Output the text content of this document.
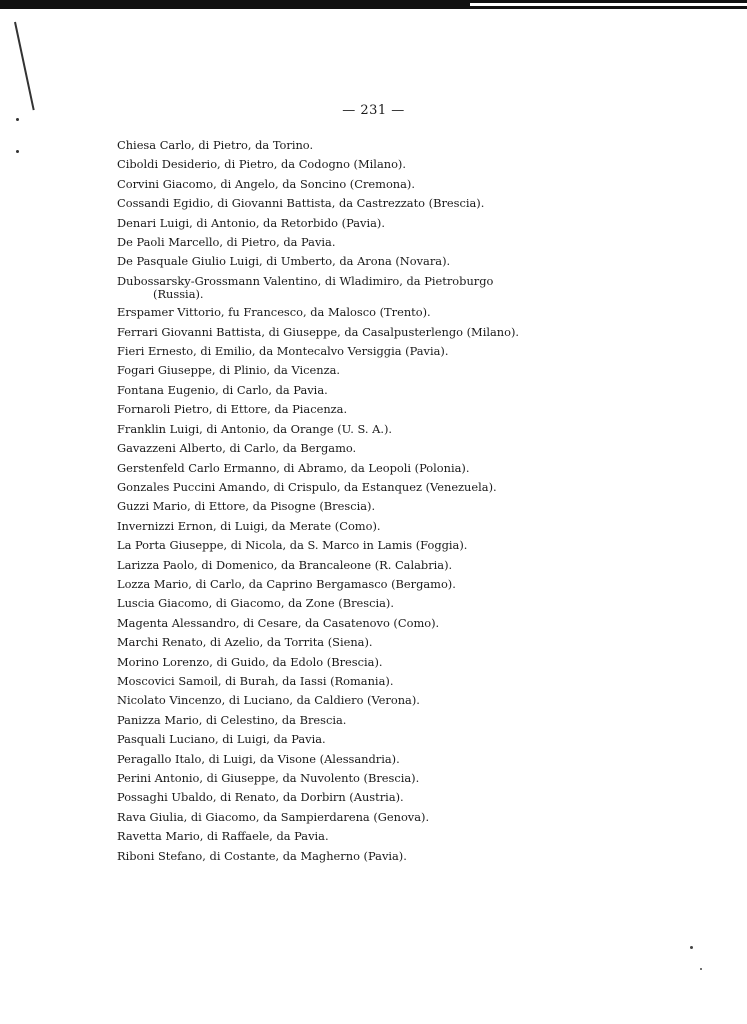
— 231 —
Chiesa Carlo, di Pietro, da Torino.
Ciboldi Desiderio, di Pietro, da Codogno (Milano).
Corvini Giacomo, di Angelo, da Soncino (Cremona).
Cossandi Egidio, di Giovanni Battista, da Castrezzato (Brescia).
Denari Luigi, di Antonio, da Retorbido (Pavia).
De Paoli Marcello, di Pietro, da Pavia.
De Pasquale Giulio Luigi, di Umberto, da Arona (Novara).
Dubossarsky-Grossmann Valentino, di Wladimiro, da Pietroburgo
(Russia).
Erspamer Vittorio, fu Francesco, da Malosco (Trento).
Ferrari Giovanni Battista, di Giuseppe, da Casalpusterlengo (Milano).
Fieri Ernesto, di Emilio, da Montecalvo Versiggia (Pavia).
Fogari Giuseppe, di Plinio, da Vicenza.
Fontana Eugenio, di Carlo, da Pavia.
Fornaroli Pietro, di Ettore, da Piacenza.
Franklin Luigi, di Antonio, da Orange (U. S. A.).
Gavazzeni Alberto, di Carlo, da Bergamo.
Gerstenfeld Carlo Ermanno, di Abramo, da Leopoli (Polonia).
Gonzales Puccini Amando, di Crispulo, da Estanquez (Venezuela).
Guzzi Mario, di Ettore, da Pisogne (Brescia).
Invernizzi Ernon, di Luigi, da Merate (Como).
La Porta Giuseppe, di Nicola, da S. Marco in Lamis (Foggia).
Larizza Paolo, di Domenico, da Brancaleone (R. Calabria).
Lozza Mario, di Carlo, da Caprino Bergamasco (Bergamo).
Luscia Giacomo, di Giacomo, da Zone (Brescia).
Magenta Alessandro, di Cesare, da Casatenovo (Como).
Marchi Renato, di Azelio, da Torrita (Siena).
Morino Lorenzo, di Guido, da Edolo (Brescia).
Moscovici Samoil, di Burah, da Iassi (Romania).
Nicolato Vincenzo, di Luciano, da Caldiero (Verona).
Panizza Mario, di Celestino, da Brescia.
Pasquali Luciano, di Luigi, da Pavia.
Peragallo Italo, di Luigi, da Visone (Alessandria).
Perini Antonio, di Giuseppe, da Nuvolento (Brescia).
Possaghi Ubaldo, di Renato, da Dorbirn (Austria).
Rava Giulia, di Giacomo, da Sampierdarena (Genova).
Ravetta Mario, di Raffaele, da Pavia.
Riboni Stefano, di Costante, da Magherno (Pavia).
